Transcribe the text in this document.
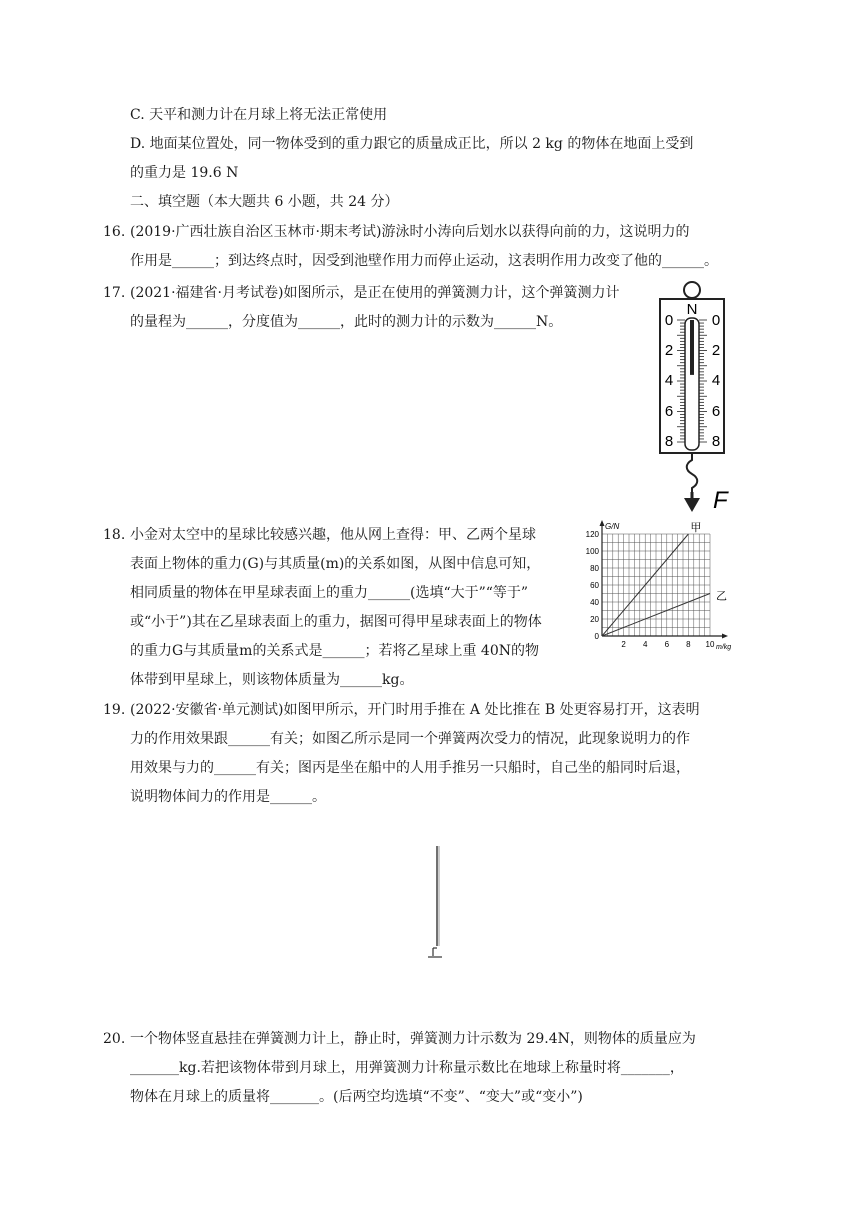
C. 天平和测力计在月球上将无法正常使用
D. 地面某位置处，同一物体受到的重力跟它的质量成正比，所以 2 kg 的物体在地面上受到
的重力是 19.6 N
二、填空题（本大题共 6 小题，共 24 分）
16. (2019·广西壮族自治区玉林市·期末考试)游泳时小涛向后划水以获得向前的力，这说明力的
作用是______；到达终点时，因受到池壁作用力而停止运动，这表明作用力改变了他的______。
17. (2021·福建省·月考试卷)如图所示，是正在使用的弹簧测力计，这个弹簧测力计
的量程为______，分度值为______，此时的测力计的示数为______N。
N
0
2
4
6
8
0
2
4
6
8
F
18. 小金对太空中的星球比较感兴趣，他从网上查得：甲、乙两个星球
表面上物体的重力(G)与其质量(m)的关系如图，从图中信息可知，
相同质量的物体在甲星球表面上的重力______(选填“大于”“等于”
或“小于”)其在乙星球表面上的重力，据图可得甲星球表面上的物体
的重力G与其质量m的关系式是______；若将乙星球上重 40N的物
体带到甲星球上，则该物体质量为______kg。
甲
乙
0
20
40
60
80
100
120
2 4 6 8 10
G/N
m/kg
19. (2022·安徽省·单元测试)如图甲所示，开门时用手推在 A 处比推在 B 处更容易打开，这表明
力的作用效果跟______有关；如图乙所示是同一个弹簧两次受力的情况，此现象说明力的作
用效果与力的______有关；图丙是坐在船中的人用手推另一只船时，自己坐的船同时后退，
说明物体间力的作用是______。
20. 一个物体竖直悬挂在弹簧测力计上，静止时，弹簧测力计示数为 29.4N，则物体的质量应为
_______kg.若把该物体带到月球上，用弹簧测力计称量示数比在地球上称量时将_______，
物体在月球上的质量将_______。(后两空均选填“不变”、“变大”或“变小”)
